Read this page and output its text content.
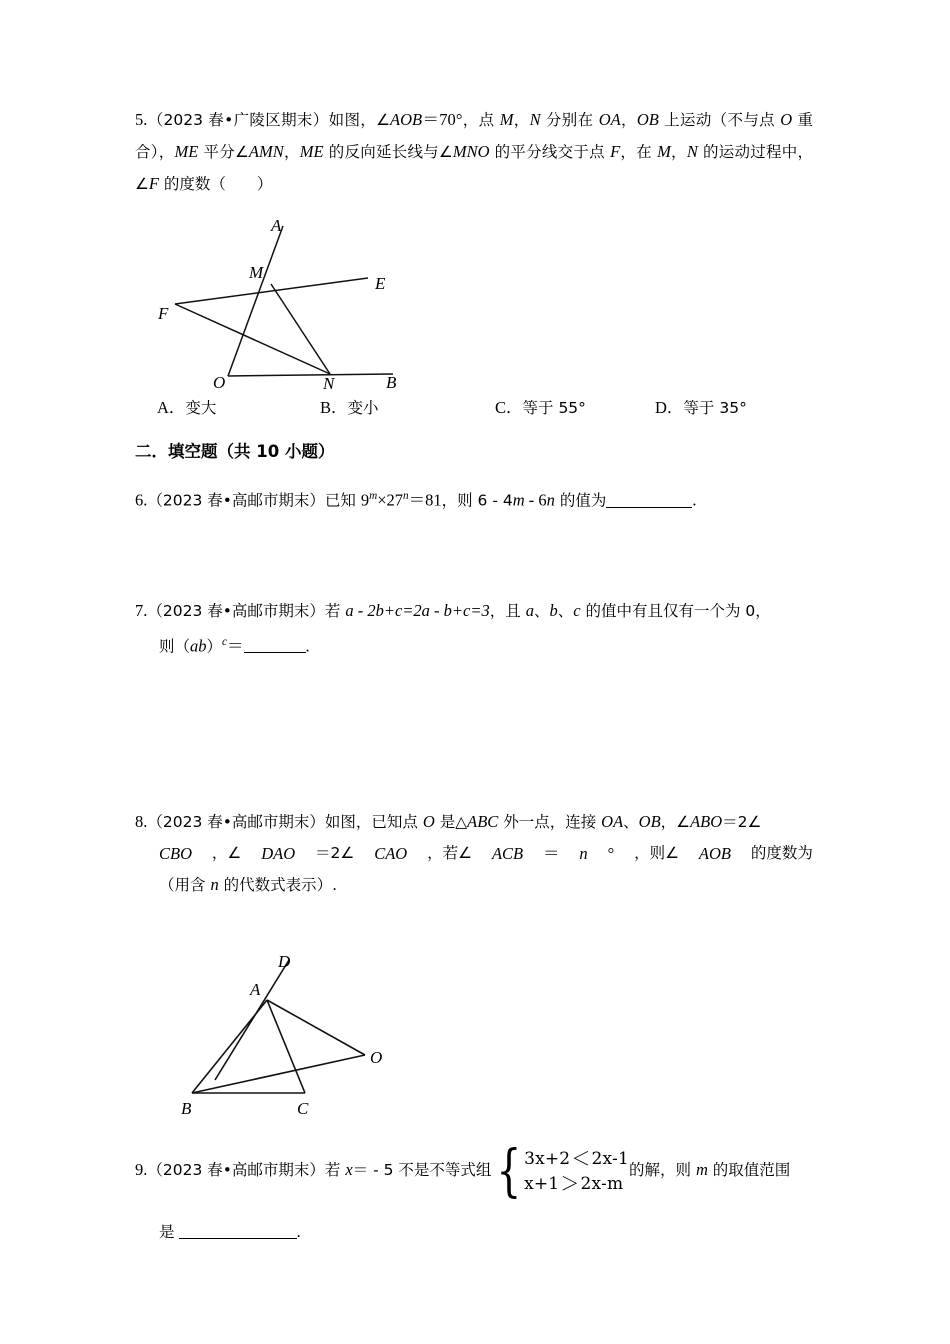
5.（2023 春•广陵区期末）如图，∠AOB＝70°，点 M，N 分别在 OA，OB 上运动（不与点 O 重合），ME 平分∠AMN，ME 的反向延长线与∠MNO 的平分线交于点 F，在 M，N 的运动过程中，∠F 的度数（　　）
A
M
E
F
O	N	B
A．变大	B．变小	C．等于 55°	D．等于 35°
二．填空题（共 10 小题）
6.（2023 春•高邮市期末）已知 $9^m\times 27^n=81$，则 6 - 4m - 6n 的值为	.
7.（2023 春•高邮市期末）若 a - 2b+c=2a - b+c=3，且 a、b、c 的值中有且仅有一个为 0，
则（ab）$^c$＝	.
8.（2023 春•高邮市期末）如图，已知点 O 是△ABC 外一点，连接 OA、OB，∠ABO＝2∠
CBO ，∠ DAO ＝2∠ CAO ，若∠ ACB ＝ n ° ，则∠ AOB 的度数为
（用含 n 的代数式表示）.
D
A
O
B	C
9.（2023 春•高邮市期末）若 x＝ - 5 不是不等式组 { 3x+2＜2x-1
x+1＞2x-m
的解，则 m 的取值范围
是	.
